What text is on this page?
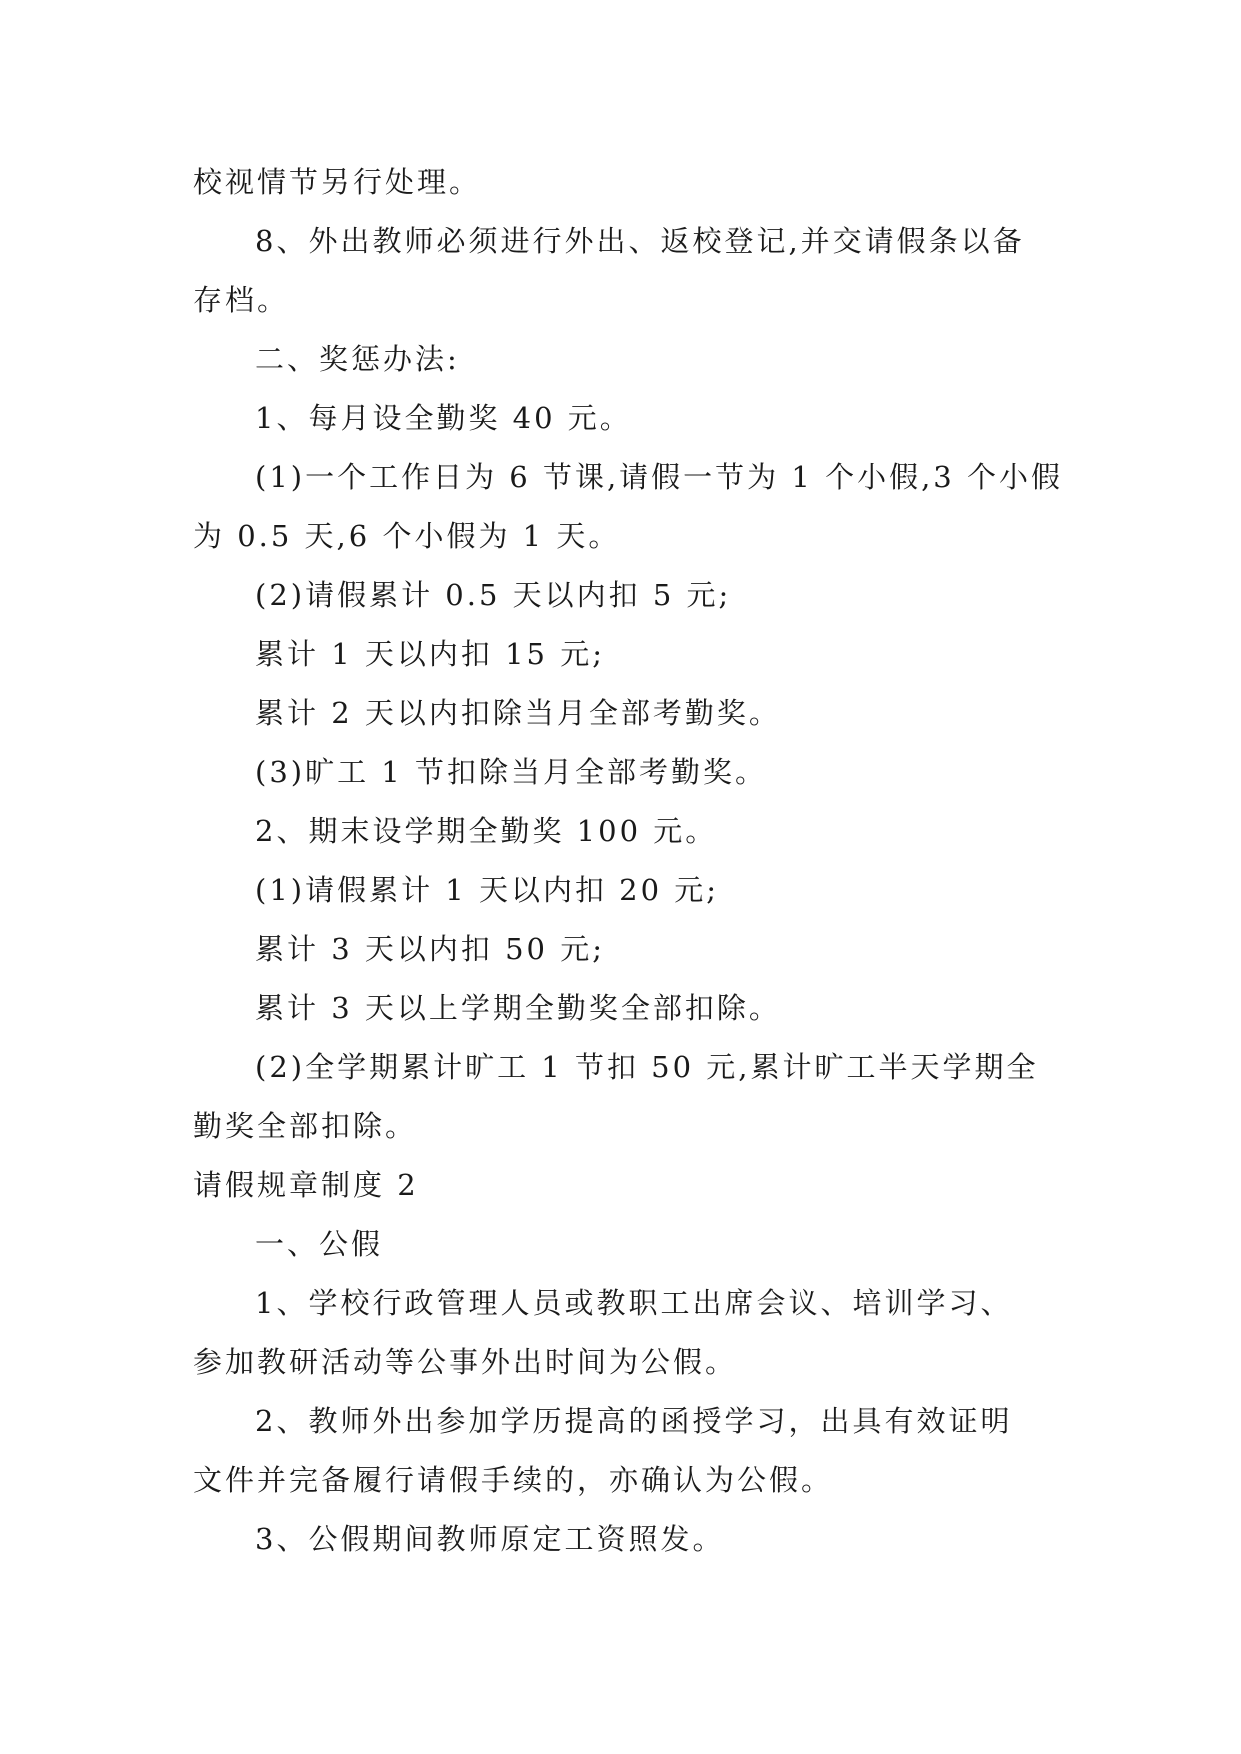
校视情节另行处理。
8、外出教师必须进行外出、返校登记,并交请假条以备
存档。
二、奖惩办法:
1、每月设全勤奖 40 元。
(1)一个工作日为 6 节课,请假一节为 1 个小假,3 个小假
为 0.5 天,6 个小假为 1 天。
(2)请假累计 0.5 天以内扣 5 元;
累计 1 天以内扣 15 元;
累计 2 天以内扣除当月全部考勤奖。
(3)旷工 1 节扣除当月全部考勤奖。
2、期末设学期全勤奖 100 元。
(1)请假累计 1 天以内扣 20 元;
累计 3 天以内扣 50 元;
累计 3 天以上学期全勤奖全部扣除。
(2)全学期累计旷工 1 节扣 50 元,累计旷工半天学期全
勤奖全部扣除。
请假规章制度 2
一、公假
1、学校行政管理人员或教职工出席会议、培训学习、
参加教研活动等公事外出时间为公假。
2、教师外出参加学历提高的函授学习，出具有效证明
文件并完备履行请假手续的，亦确认为公假。
3、公假期间教师原定工资照发。
